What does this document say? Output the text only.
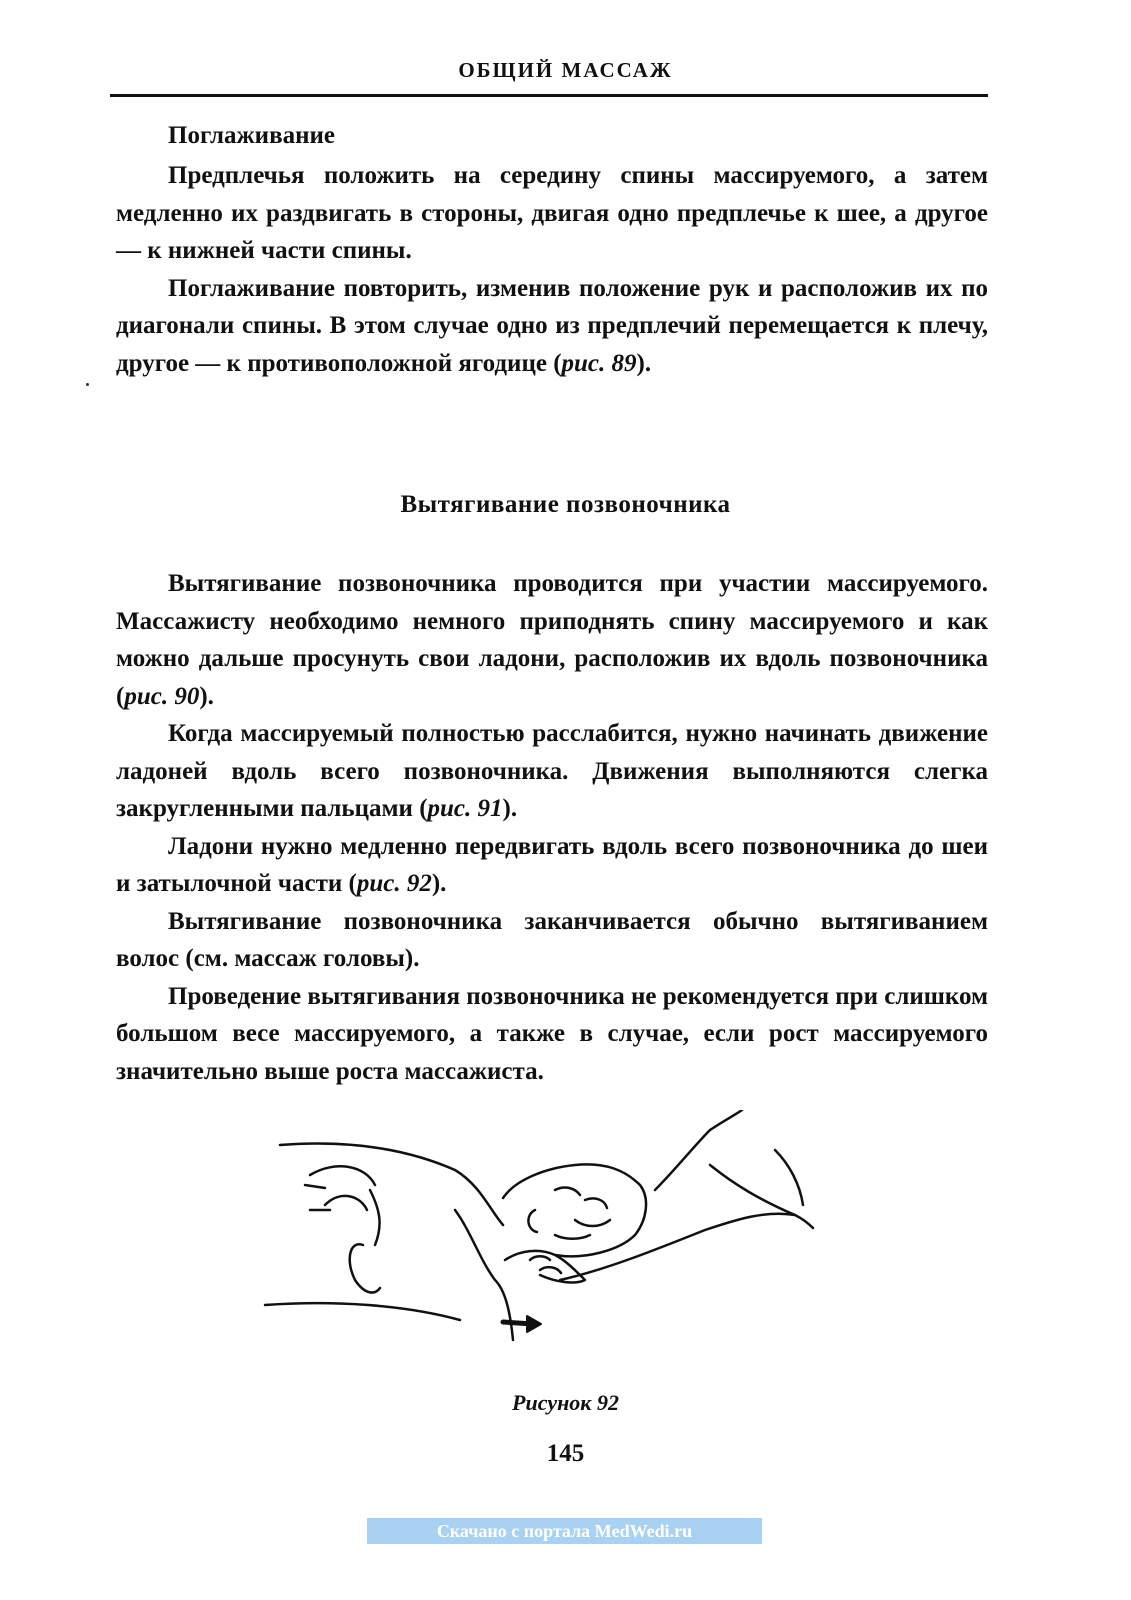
ОБЩИЙ МАССАЖ
Поглаживание

Предплечья положить на середину спины массируемого, а затем медленно их раздвигать в стороны, двигая одно предплечье к шее, а другое — к нижней части спины.

Поглаживание повторить, изменив положение рук и расположив их по диагонали спины. В этом случае одно из предплечий перемещается к плечу, другое — к противоположной ягодице (рис. 89).

Вытягивание позвоночника

Вытягивание позвоночника проводится при участии массируемого. Массажисту необходимо немного приподнять спину массируемого и как можно дальше просунуть свои ладони, расположив их вдоль позвоночника (рис. 90).

Когда массируемый полностью расслабится, нужно начинать движение ладоней вдоль всего позвоночника. Движения выполняются слегка закругленными пальцами (рис. 91).

Ладони нужно медленно передвигать вдоль всего позвоночника до шеи и затылочной части (рис. 92).

Вытягивание позвоночника заканчивается обычно вытягиванием волос (см. массаж головы).

Проведение вытягивания позвоночника не рекомендуется при слишком большом весе массируемого, а также в случае, если рост массируемого значительно выше роста массажиста.

Рисунок 92
145
Скачано с портала MedWedi.ru
